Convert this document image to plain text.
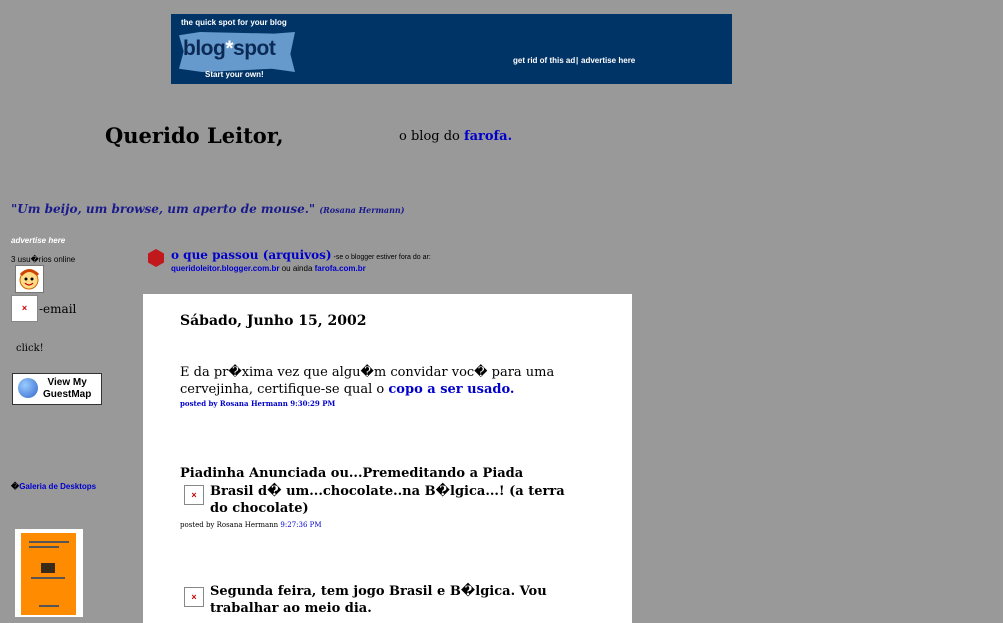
the quick spot for your blog
blog*spot
Start your own!
get rid of this ad | advertise here
Querido Leitor,	o blog do farofa.
"Um beijo, um browse, um aperto de mouse." (Rosana Hermann)
advertise here
3 usu�rios online
× -email
click!
View My
GuestMap
�Galeria de Desktops
o que passou (arquivos) -se o blogger estiver fora do ar:
queridoleitor.blogger.com.br ou ainda farofa.com.br
Sábado, Junho 15, 2002
E da pr�xima vez que algu�m convidar voc� para uma cervejinha, certifique-se qual o copo a ser usado.
posted by Rosana Hermann 9:30:29 PM
Piadinha Anunciada ou...Premeditando a Piada
×	Brasil d� um...chocolate..na B�lgica...! (a terra do chocolate)
posted by Rosana Hermann 9:27:36 PM
×	Segunda feira, tem jogo Brasil e B�lgica. Vou trabalhar ao meio dia.
